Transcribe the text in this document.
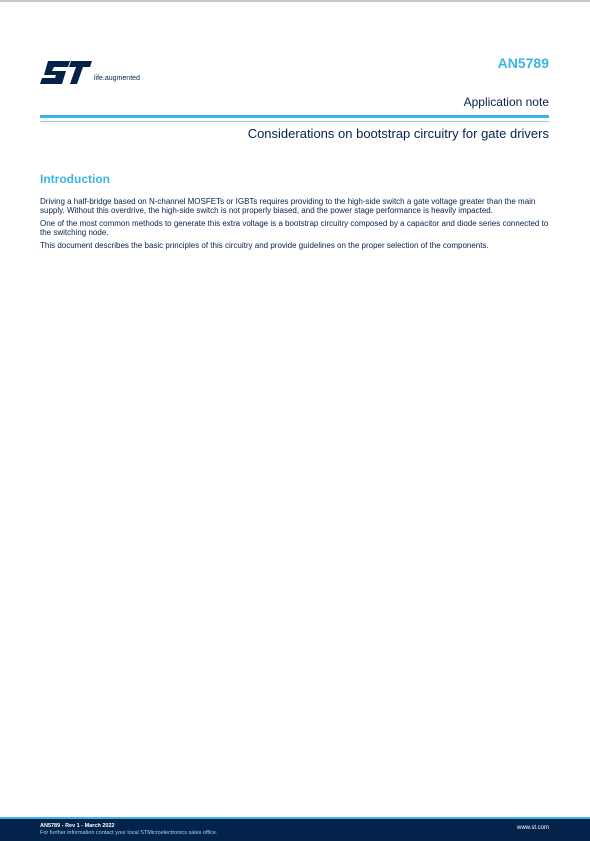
life.augmented
AN5789
Application note
Considerations on bootstrap circuitry for gate drivers
Introduction

Driving a half-bridge based on N-channel MOSFETs or IGBTs requires providing to the high-side switch a gate voltage greater than the main supply. Without this overdrive, the high-side switch is not properly biased, and the power stage performance is heavily impacted.

One of the most common methods to generate this extra voltage is a bootstrap circuitry composed by a capacitor and diode series connected to the switching node.

This document describes the basic principles of this circuitry and provide guidelines on the proper selection of the components.

AN5789 - Rev 1 - March 2022
For further information contact your local STMicroelectronics sales office.
www.st.com
